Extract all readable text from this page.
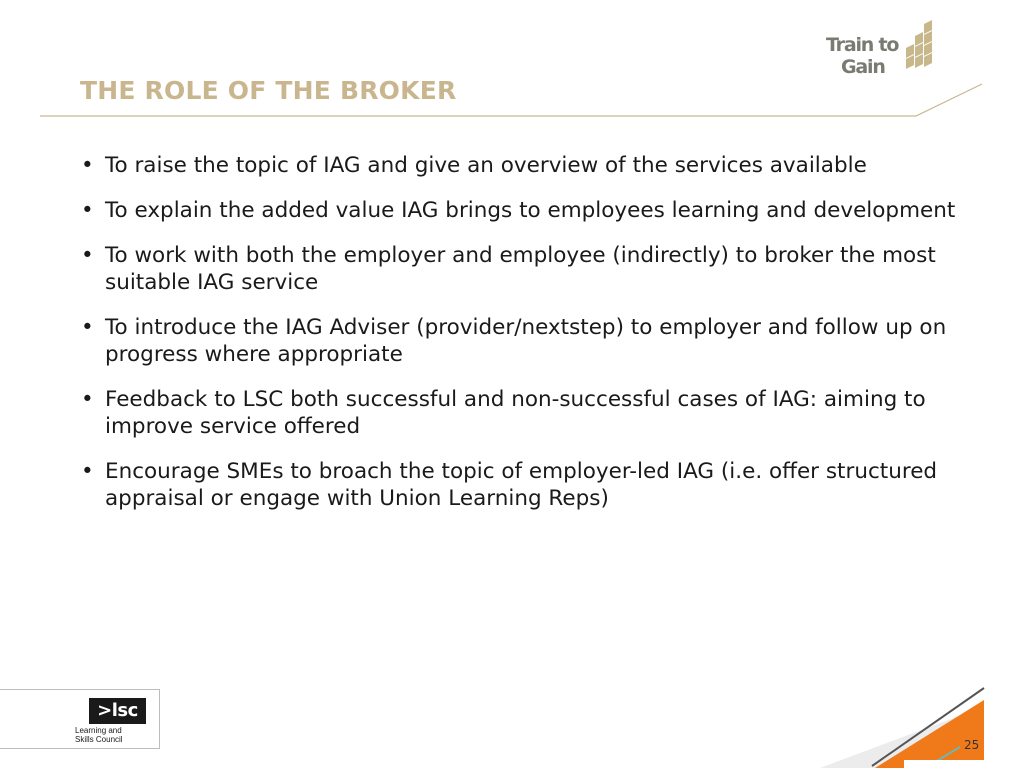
Train to
Gain
THE ROLE OF THE BROKER
• To raise the topic of IAG and give an overview of the services available
• To explain the added value IAG brings to employees learning and development
• To work with both the employer and employee (indirectly) to broker the most suitable IAG service
• To introduce the IAG Adviser (provider/nextstep) to employer and follow up on progress where appropriate
• Feedback to LSC both successful and non-successful cases of IAG: aiming to improve service offered
• Encourage SMEs to broach the topic of employer-led IAG (i.e. offer structured appraisal or engage with Union Learning Reps)
>lsc
Learning and
Skills Council	25
